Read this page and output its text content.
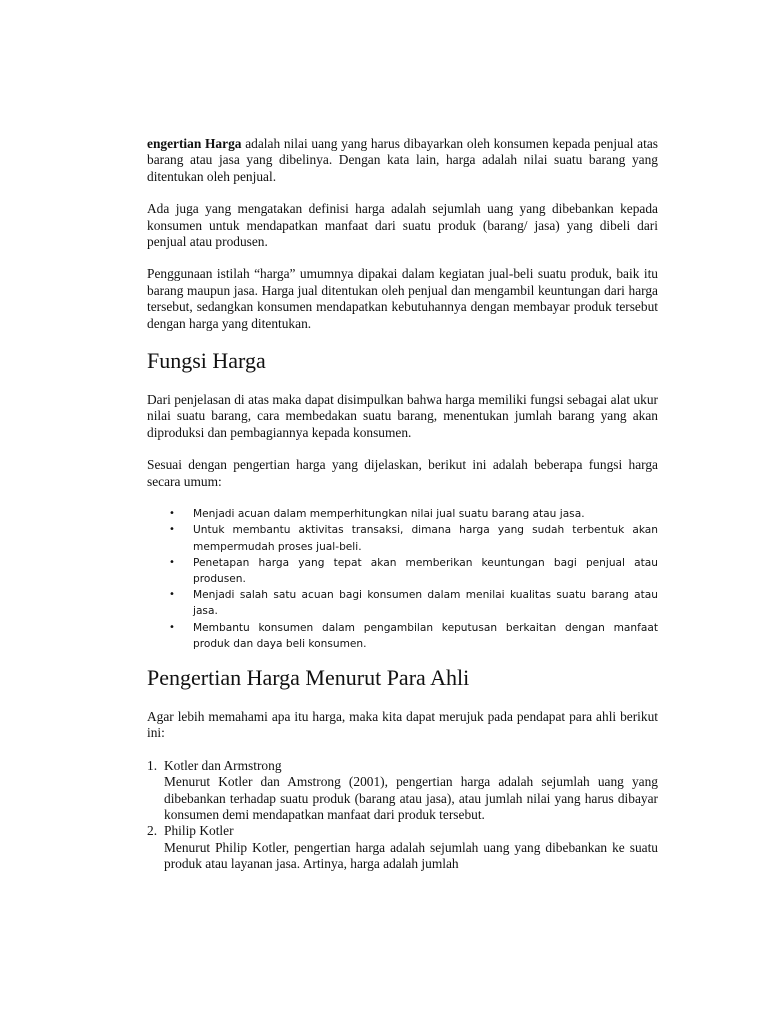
engertian Harga adalah nilai uang yang harus dibayarkan oleh konsumen kepada penjual atas barang atau jasa yang dibelinya. Dengan kata lain, harga adalah nilai suatu barang yang ditentukan oleh penjual.

Ada juga yang mengatakan definisi harga adalah sejumlah uang yang dibebankan kepada konsumen untuk mendapatkan manfaat dari suatu produk (barang/ jasa) yang dibeli dari penjual atau produsen.

Penggunaan istilah “harga” umumnya dipakai dalam kegiatan jual-beli suatu produk, baik itu barang maupun jasa. Harga jual ditentukan oleh penjual dan mengambil keuntungan dari harga tersebut, sedangkan konsumen mendapatkan kebutuhannya dengan membayar produk tersebut dengan harga yang ditentukan.

Fungsi Harga

Dari penjelasan di atas maka dapat disimpulkan bahwa harga memiliki fungsi sebagai alat ukur nilai suatu barang, cara membedakan suatu barang, menentukan jumlah barang yang akan diproduksi dan pembagiannya kepada konsumen.

Sesuai dengan pengertian harga yang dijelaskan, berikut ini adalah beberapa fungsi harga secara umum:

• Menjadi acuan dalam memperhitungkan nilai jual suatu barang atau jasa.
• Untuk membantu aktivitas transaksi, dimana harga yang sudah terbentuk akan mempermudah proses jual-beli.
• Penetapan harga yang tepat akan memberikan keuntungan bagi penjual atau produsen.
• Menjadi salah satu acuan bagi konsumen dalam menilai kualitas suatu barang atau jasa.
• Membantu konsumen dalam pengambilan keputusan berkaitan dengan manfaat produk dan daya beli konsumen.
Pengertian Harga Menurut Para Ahli

Agar lebih memahami apa itu harga, maka kita dapat merujuk pada pendapat para ahli berikut ini:

1. Kotler dan Armstrong
Menurut Kotler dan Amstrong (2001), pengertian harga adalah sejumlah uang yang dibebankan terhadap suatu produk (barang atau jasa), atau jumlah nilai yang harus dibayar konsumen demi mendapatkan manfaat dari produk tersebut.
2. Philip Kotler
Menurut Philip Kotler, pengertian harga adalah sejumlah uang yang dibebankan ke suatu produk atau layanan jasa. Artinya, harga adalah jumlah
